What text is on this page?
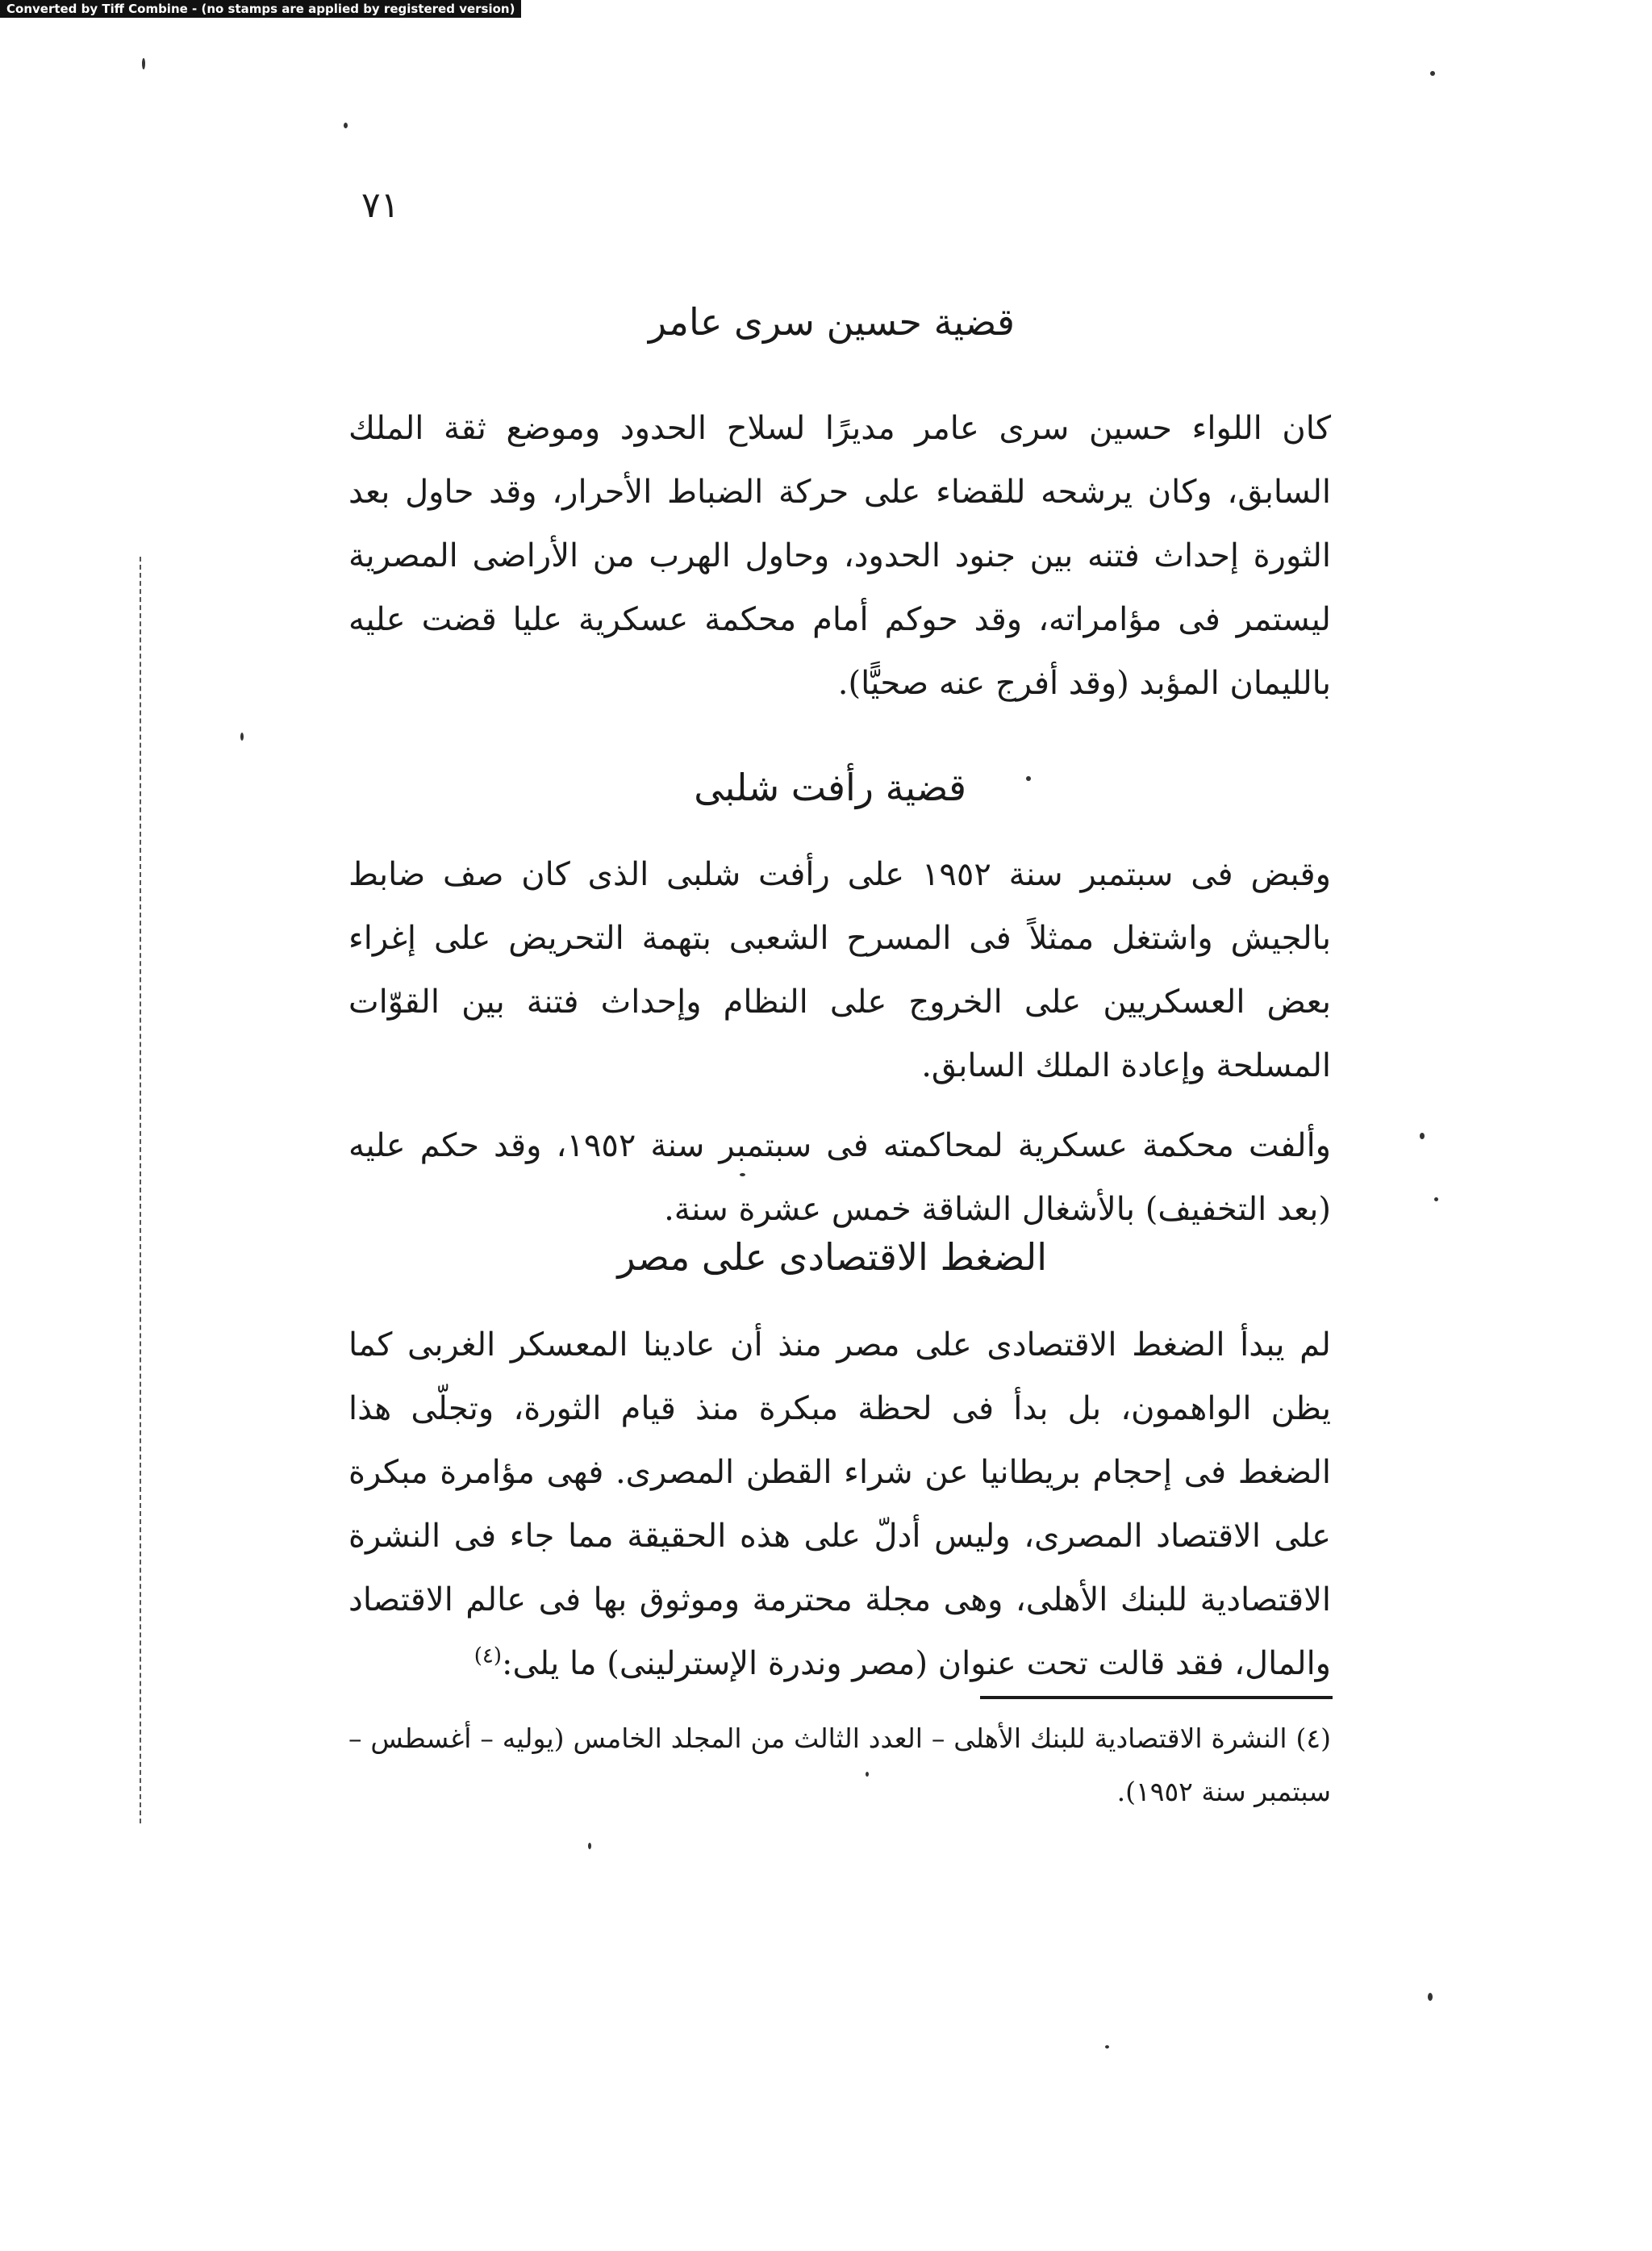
Converted by Tiff Combine - (no stamps are applied by registered version)
٧١
قضية حسين سرى عامر

كان اللواء حسين سرى عامر مديرًا لسلاح الحدود وموضع ثقة الملك السابق، وكان يرشحه للقضاء على حركة الضباط الأحرار، وقد حاول بعد الثورة إحداث فتنه بين جنود الحدود، وحاول الهرب من الأراضى المصرية ليستمر فى مؤامراته، وقد حوكم أمام محكمة عسكرية عليا قضت عليه بالليمان المؤبد (وقد أفرج عنه صحيًّا).

قضية رأفت شلبى

وقبض فى سبتمبر سنة ١٩٥٢ على رأفت شلبى الذى كان صف ضابط بالجيش واشتغل ممثلاً فى المسرح الشعبى بتهمة التحريض على إغراء بعض العسكريين على الخروج على النظام وإحداث فتنة بين القوّات المسلحة وإعادة الملك السابق.

وألفت محكمة عسكرية لمحاكمته فى سبتمبر سنة ١٩٥٢، وقد حكم عليه (بعد التخفيف) بالأشغال الشاقة خمس عشرة سنة.

الضغط الاقتصادى على مصر

لم يبدأ الضغط الاقتصادى على مصر منذ أن عادينا المعسكر الغربى كما يظن الواهمون، بل بدأ فى لحظة مبكرة منذ قيام الثورة، وتجلّى هذا الضغط فى إحجام بريطانيا عن شراء القطن المصرى. فهى مؤامرة مبكرة على الاقتصاد المصرى، وليس أدلّ على هذه الحقيقة مما جاء فى النشرة الاقتصادية للبنك الأهلى، وهى مجلة محترمة وموثوق بها فى عالم الاقتصاد والمال، فقد قالت تحت عنوان (مصر وندرة الإسترلينى) ما يلى:$^{(٤)}$

(٤) النشرة الاقتصادية للبنك الأهلى – العدد الثالث من المجلد الخامس (يوليه – أغسطس – سبتمبر سنة ١٩٥٢).
